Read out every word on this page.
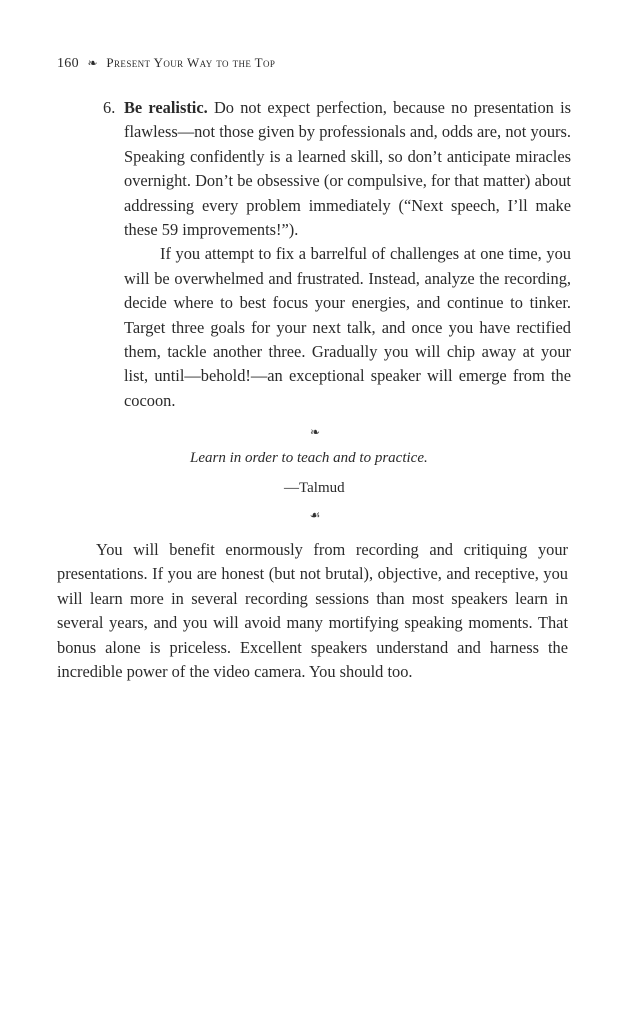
160 ❧ Present Your Way to the Top
6. Be realistic. Do not expect perfection, because no presentation is flawless—not those given by professionals and, odds are, not yours. Speaking confidently is a learned skill, so don’t anticipate miracles overnight. Don’t be obsessive (or compulsive, for that matter) about addressing every problem immediately (“Next speech, I’ll make these 59 improvements!”).

If you attempt to fix a barrelful of challenges at one time, you will be overwhelmed and frustrated. Instead, analyze the recording, decide where to best focus your energies, and continue to tinker. Target three goals for your next talk, and once you have rectified them, tackle another three. Gradually you will chip away at your list, until—behold!—an exceptional speaker will emerge from the cocoon.

❧
Learn in order to teach and to practice.
—Talmud
☙

You will benefit enormously from recording and critiquing your presentations. If you are honest (but not brutal), objective, and receptive, you will learn more in several recording sessions than most speakers learn in several years, and you will avoid many mortifying speaking moments. That bonus alone is priceless. Excellent speakers understand and harness the incredible power of the video camera. You should too.
